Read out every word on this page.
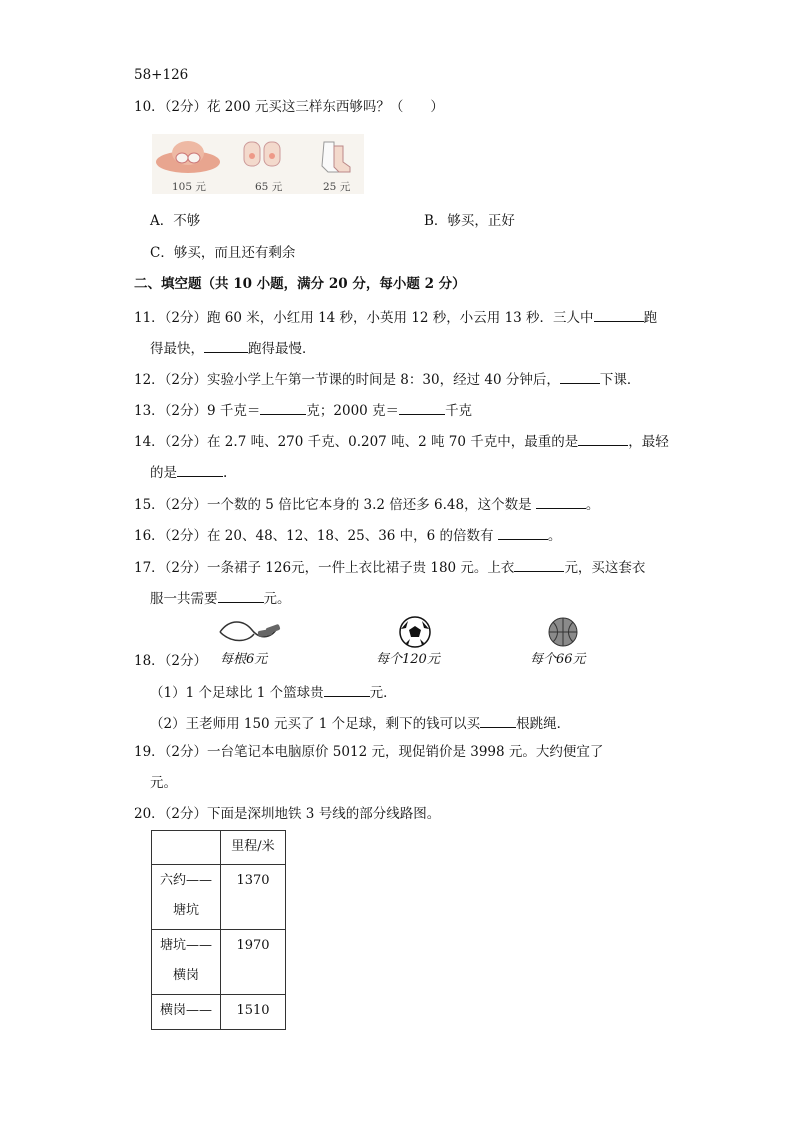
58+126
10．（2分）花 200 元买这三样东西够吗？（　　）
105 元	65 元	25 元
A．不够	B．够买，正好
C．够买，而且还有剩余
二、填空题（共 10 小题，满分 20 分，每小题 2 分）
11．（2分）跑 60 米，小红用 14 秒，小英用 12 秒，小云用 13 秒．三人中	跑
得最快，	跑得最慢．
12．（2分）实验小学上午第一节课的时间是 8：30，经过 40 分钟后，	下课．
13．（2分）9 千克＝	克；2000 克＝	千克
14．（2分）在 2.7 吨、270 千克、0.207 吨、2 吨 70 千克中，最重的是	，最轻
的是	.
15．（2分）一个数的 5 倍比它本身的 3.2 倍还多 6.48，这个数是	。
16．（2分）在 20、48、12、18、25、36 中，6 的倍数有	。
17．（2分）一条裙子 126元，一件上衣比裙子贵 180 元。上衣	元，买这套衣
服一共需要	元。
18．（2分） 每根6元	每个120元	每个66元
（1）1 个足球比 1 个篮球贵	元．
（2）王老师用 150 元买了 1 个足球，剩下的钱可以买	根跳绳．
19．（2分）一台笔记本电脑原价 5012 元，现促销价是 3998 元。大约便宜了
元。
20．（2分）下面是深圳地铁 3 号线的部分线路图。

	里程/米

六约——
塘坑	1370

塘坑——
横岗	1970

横岗——	1510
